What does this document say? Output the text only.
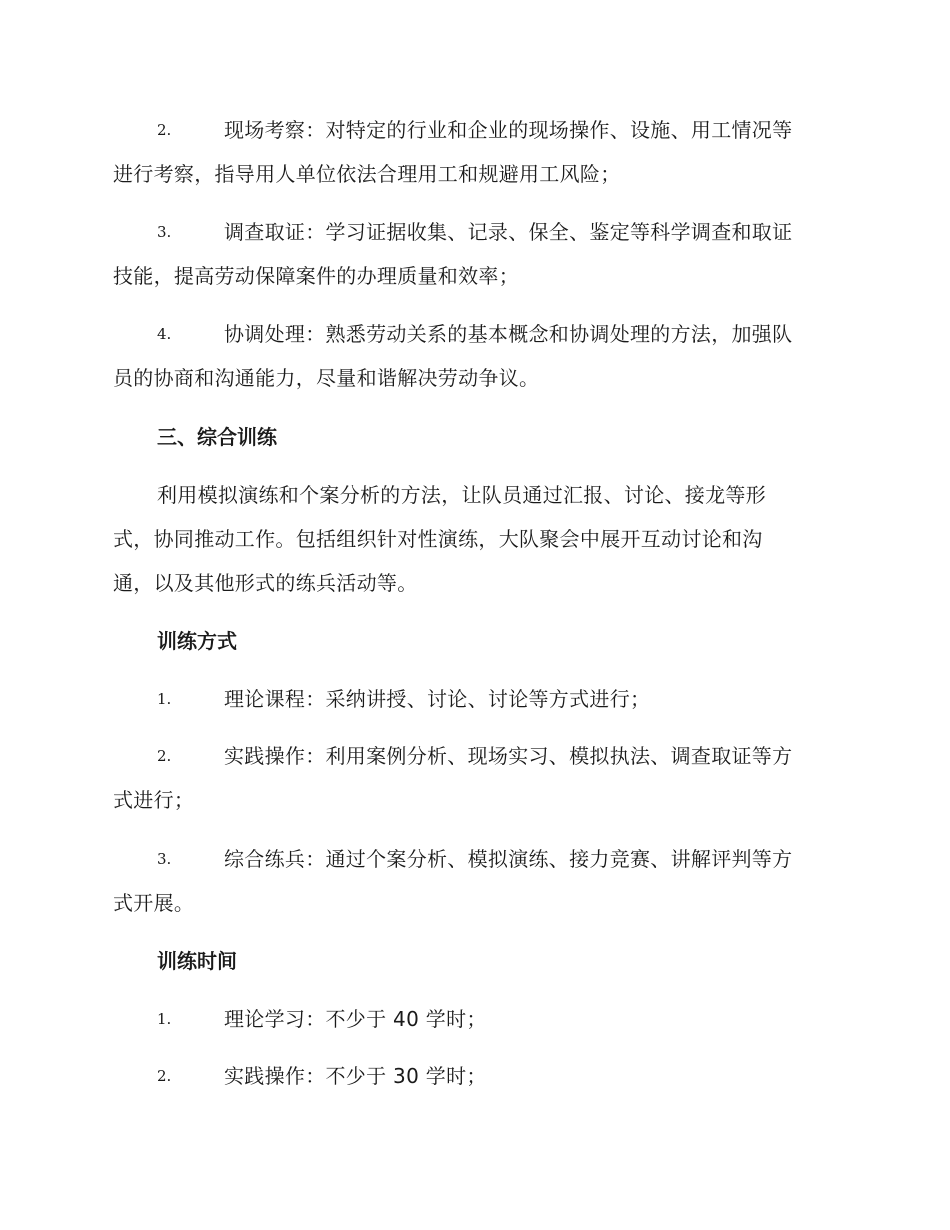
2.	现场考察：对特定的行业和企业的现场操作、设施、用工情况等
进行考察，指导用人单位依法合理用工和规避用工风险；
3.	调查取证：学习证据收集、记录、保全、鉴定等科学调查和取证
技能，提高劳动保障案件的办理质量和效率；
4.	协调处理：熟悉劳动关系的基本概念和协调处理的方法，加强队
员的协商和沟通能力，尽量和谐解决劳动争议。
三、综合训练
利用模拟演练和个案分析的方法，让队员通过汇报、讨论、接龙等形
式，协同推动工作。包括组织针对性演练，大队聚会中展开互动讨论和沟
通，以及其他形式的练兵活动等。
训练方式
1.	理论课程：采纳讲授、讨论、讨论等方式进行；
2.	实践操作：利用案例分析、现场实习、模拟执法、调查取证等方
式进行；
3.	综合练兵：通过个案分析、模拟演练、接力竞赛、讲解评判等方
式开展。
训练时间
1.	理论学习：不少于 40 学时；
2.	实践操作：不少于 30 学时；
